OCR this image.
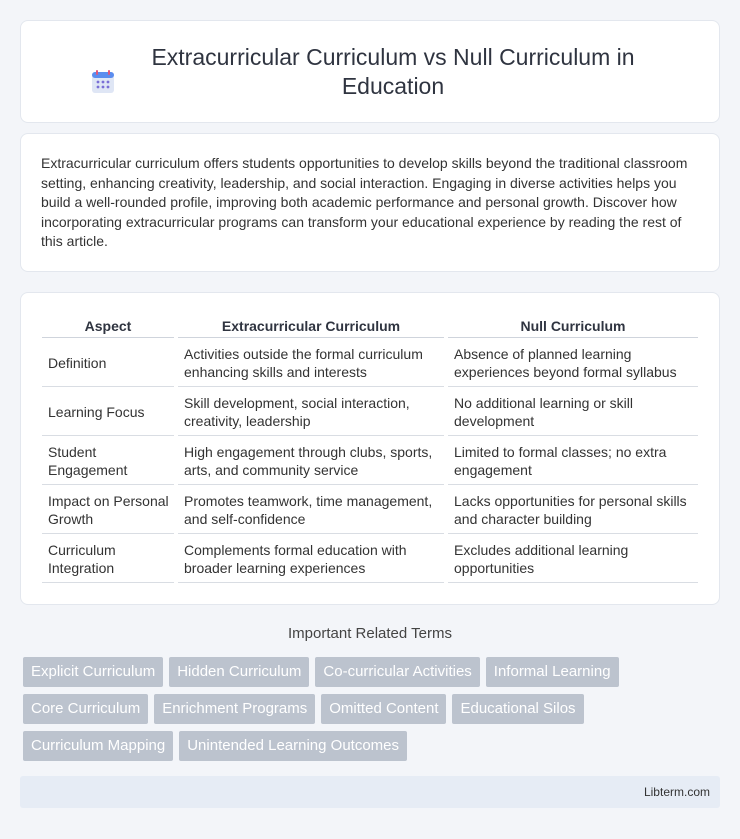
Extracurricular Curriculum vs Null Curriculum in Education

Extracurricular curriculum offers students opportunities to develop skills beyond the traditional classroom setting, enhancing creativity, leadership, and social interaction. Engaging in diverse activities helps you build a well-rounded profile, improving both academic performance and personal growth. Discover how incorporating extracurricular programs can transform your educational experience by reading the rest of this article.

Aspect	Extracurricular Curriculum	Null Curriculum
Definition	Activities outside the formal curriculum enhancing skills and interests	Absence of planned learning experiences beyond formal syllabus
Learning Focus	Skill development, social interaction, creativity, leadership	No additional learning or skill development
Student Engagement	High engagement through clubs, sports, arts, and community service	Limited to formal classes; no extra engagement
Impact on Personal Growth	Promotes teamwork, time management, and self-confidence	Lacks opportunities for personal skills and character building
Curriculum Integration	Complements formal education with broader learning experiences	Excludes additional learning opportunities
Important Related Terms
Explicit Curriculum	Hidden Curriculum	Co-curricular Activities	Informal Learning
Core Curriculum	Enrichment Programs	Omitted Content	Educational Silos
Curriculum Mapping	Unintended Learning Outcomes
Libterm.com
